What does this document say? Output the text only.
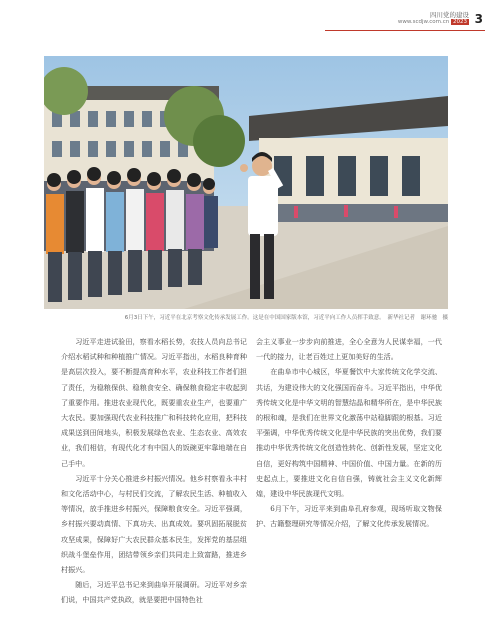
四川党的建设
www.scdjw.com.cn 2023 3
6月3日下午，习近平在北京考察文化传承发展工作。这是在中国国家版本馆，习近平向工作人员挥手致意。　新华社记者　谢环驰　摄

习近平走进试验田，察看水稻长势，农技人员向总书记介绍水稻试种和种植推广情况。习近平指出，水稻良种育种是高层次投入，要不断提高育种水平，农业科技工作者们担了责任，为稳粮保供、稳粮食安全、确保粮食稳定丰收起到了重要作用。推进农业现代化，既要重农业生产，也要重广大农民。要加强现代农业科技推广和科技转化应用，把科技成果送到田间地头，积极发展绿色农业、生态农业、高效农业，我们相信，有现代化才有中国人的饭碗更牢靠地端在自己手中。

习近平十分关心推进乡村振兴情况。他乡村察看永丰村和文化活动中心，与村民们交流，了解农民生活、种植收入等情况，放手推进乡村振兴，保障粮食安全。习近平强调，乡村振兴要动真情、下真功夫、出真成效。要巩固拓展脱贫攻坚成果，保障好广大农民群众基本民生，发挥党的基层组织战斗堡垒作用，团结带领乡亲们共同走上致富路，推进乡村振兴。

随后，习近平总书记来到曲阜开展调研。习近平对乡亲们说，中国共产党执政，就是要把中国特色社

会主义事业一步步向前推进，全心全意为人民谋幸福，一代一代的接力，让老百姓过上更加美好的生活。

在曲阜市中心城区，华夏餐饮中大家传统文化学交流、共话，为建设伟大的文化强国而奋斗。习近平指出，中华优秀传统文化是中华文明的智慧结晶和精华所在，是中华民族的根和魂，是我们在世界文化激荡中站稳脚跟的根基。习近平强调，中华优秀传统文化是中华民族的突出优势，我们要推动中华优秀传统文化创造性转化、创新性发展，坚定文化自信，更好构筑中国精神、中国价值、中国力量。在新的历史起点上，要推进文化自信自强，铸就社会主义文化新辉煌，建设中华民族现代文明。

6月下午，习近平来到曲阜孔府参观，现场听取文物保护、古籍整理研究等情况介绍，了解文化传承发展情况。
